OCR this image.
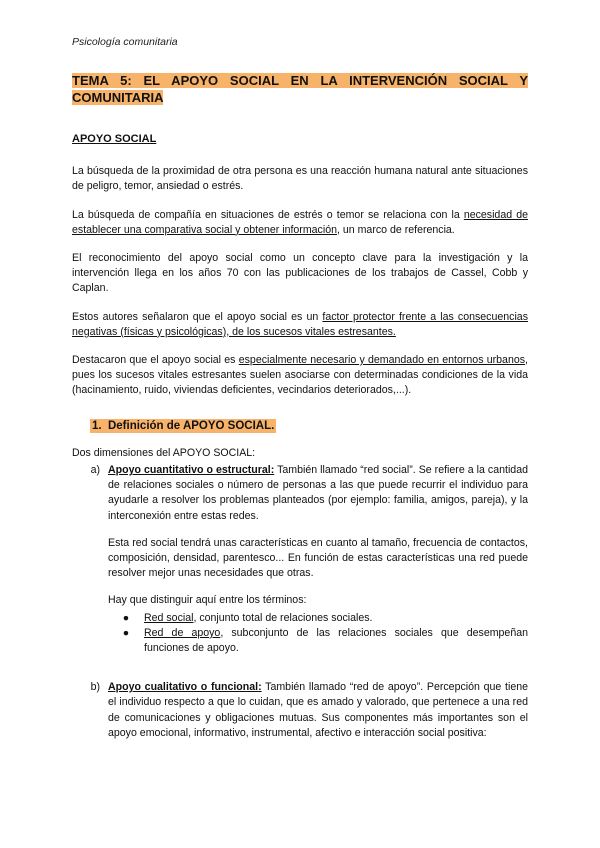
Psicología comunitaria
TEMA 5: EL APOYO SOCIAL EN LA INTERVENCIÓN SOCIAL Y COMUNITARIA
APOYO SOCIAL

La búsqueda de la proximidad de otra persona es una reacción humana natural ante situaciones de peligro, temor, ansiedad o estrés.

La búsqueda de compañía en situaciones de estrés o temor se relaciona con la necesidad de establecer una comparativa social y obtener información, un marco de referencia.

El reconocimiento del apoyo social como un concepto clave para la investigación y la intervención llega en los años 70 con las publicaciones de los trabajos de Cassel, Cobb y Caplan.

Estos autores señalaron que el apoyo social es un factor protector frente a las consecuencias negativas (físicas y psicológicas), de los sucesos vitales estresantes.

Destacaron que el apoyo social es especialmente necesario y demandado en entornos urbanos, pues los sucesos vitales estresantes suelen asociarse con determinadas condiciones de la vida (hacinamiento, ruido, viviendas deficientes, vecindarios deteriorados,...).

1. Definición de APOYO SOCIAL.
Dos dimensiones del APOYO SOCIAL:
a) Apoyo cuantitativo o estructural: También llamado “red social”. Se refiere a la cantidad de relaciones sociales o número de personas a las que puede recurrir el individuo para ayudarle a resolver los problemas planteados (por ejemplo: familia, amigos, pareja), y la interconexión entre estas redes.

Esta red social tendrá unas características en cuanto al tamaño, frecuencia de contactos, composición, densidad, parentesco... En función de estas características una red puede resolver mejor unas necesidades que otras.

Hay que distinguir aquí entre los términos:

●	Red social, conjunto total de relaciones sociales.
●	Red de apoyo, subconjunto de las relaciones sociales que desempeñan funciones de apoyo.
b) Apoyo cualitativo o funcional: También llamado “red de apoyo”. Percepción que tiene el individuo respecto a que lo cuidan, que es amado y valorado, que pertenece a una red de comunicaciones y obligaciones mutuas. Sus componentes más importantes son el apoyo emocional, informativo, instrumental, afectivo e interacción social positiva:
